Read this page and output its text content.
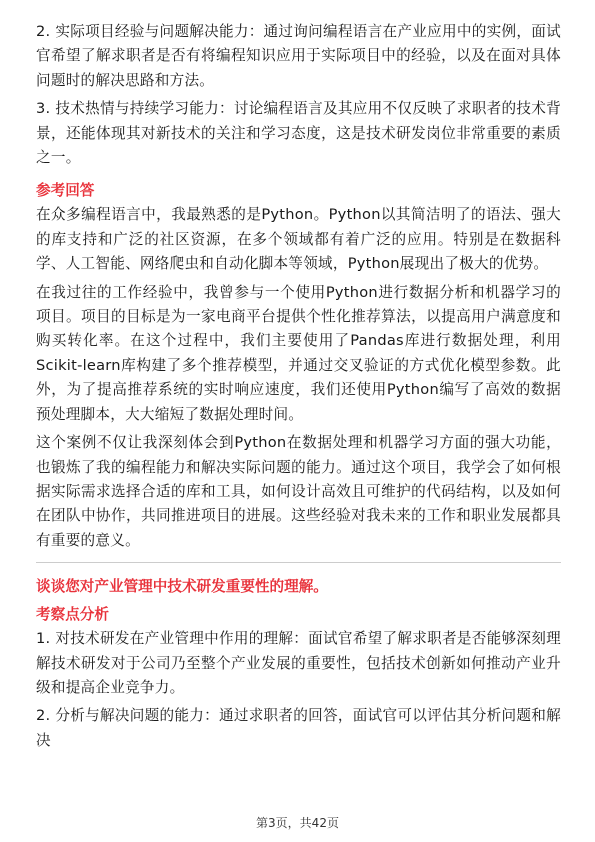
2. 实际项目经验与问题解决能力：通过询问编程语言在产业应用中的实例，面试官希望了解求职者是否有将编程知识应用于实际项目中的经验，以及在面对具体问题时的解决思路和方法。

3. 技术热情与持续学习能力：讨论编程语言及其应用不仅反映了求职者的技术背景，还能体现其对新技术的关注和学习态度，这是技术研发岗位非常重要的素质之一。

参考回答

在众多编程语言中，我最熟悉的是Python。Python以其简洁明了的语法、强大的库支持和广泛的社区资源，在多个领域都有着广泛的应用。特别是在数据科学、人工智能、网络爬虫和自动化脚本等领域，Python展现出了极大的优势。

在我过往的工作经验中，我曾参与一个使用Python进行数据分析和机器学习的项目。项目的目标是为一家电商平台提供个性化推荐算法，以提高用户满意度和购买转化率。在这个过程中，我们主要使用了Pandas库进行数据处理，利用Scikit-learn库构建了多个推荐模型，并通过交叉验证的方式优化模型参数。此外，为了提高推荐系统的实时响应速度，我们还使用Python编写了高效的数据预处理脚本，大大缩短了数据处理时间。

这个案例不仅让我深刻体会到Python在数据处理和机器学习方面的强大功能，也锻炼了我的编程能力和解决实际问题的能力。通过这个项目，我学会了如何根据实际需求选择合适的库和工具，如何设计高效且可维护的代码结构，以及如何在团队中协作，共同推进项目的进展。这些经验对我未来的工作和职业发展都具有重要的意义。

谈谈您对产业管理中技术研发重要性的理解。
考察点分析

1. 对技术研发在产业管理中作用的理解：面试官希望了解求职者是否能够深刻理解技术研发对于公司乃至整个产业发展的重要性，包括技术创新如何推动产业升级和提高企业竞争力。

2. 分析与解决问题的能力：通过求职者的回答，面试官可以评估其分析问题和解决

第3页，共42页
